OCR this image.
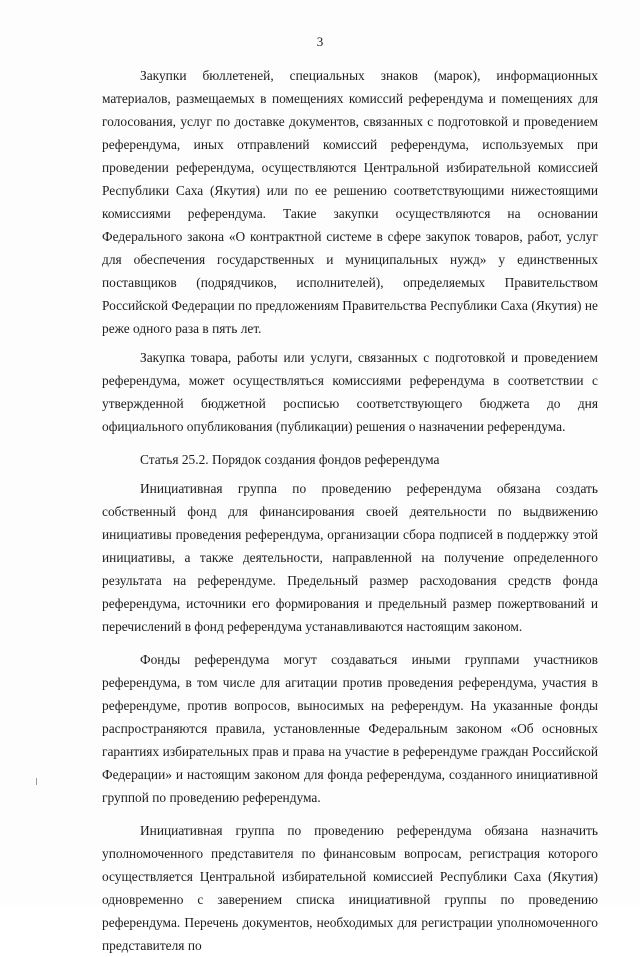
3

Закупки бюллетеней, специальных знаков (марок), информационных материалов, размещаемых в помещениях комиссий референдума и помещениях для голосования, услуг по доставке документов, связанных с подготовкой и проведением референдума, иных отправлений комиссий референдума, используемых при проведении референдума, осуществляются Центральной избирательной комиссией Республики Саха (Якутия) или по ее решению соответствующими нижестоящими комиссиями референдума. Такие закупки осуществляются на основании Федерального закона «О контрактной системе в сфере закупок товаров, работ, услуг для обеспечения государственных и муниципальных нужд» у единственных поставщиков (подрядчиков, исполнителей), определяемых Правительством Российской Федерации по предложениям Правительства Республики Саха (Якутия) не реже одного раза в пять лет.

Закупка товара, работы или услуги, связанных с подготовкой и проведением референдума, может осуществляться комиссиями референдума в соответствии с утвержденной бюджетной росписью соответствующего бюджета до дня официального опубликования (публикации) решения о назначении референдума.

Статья 25.2. Порядок создания фондов референдума

Инициативная группа по проведению референдума обязана создать собственный фонд для финансирования своей деятельности по выдвижению инициативы проведения референдума, организации сбора подписей в поддержку этой инициативы, а также деятельности, направленной на получение определенного результата на референдуме. Предельный размер расходования средств фонда референдума, источники его формирования и предельный размер пожертвований и перечислений в фонд референдума устанавливаются настоящим законом.

Фонды референдума могут создаваться иными группами участников референдума, в том числе для агитации против проведения референдума, участия в референдуме, против вопросов, выносимых на референдум. На указанные фонды распространяются правила, установленные Федеральным законом «Об основных гарантиях избирательных прав и права на участие в референдуме граждан Российской Федерации» и настоящим законом для фонда референдума, созданного инициативной группой по проведению референдума.

Инициативная группа по проведению референдума обязана назначить уполномоченного представителя по финансовым вопросам, регистрация которого осуществляется Центральной избирательной комиссией Республики Саха (Якутия) одновременно с заверением списка инициативной группы по проведению референдума. Перечень документов, необходимых для регистрации уполномоченного представителя по
